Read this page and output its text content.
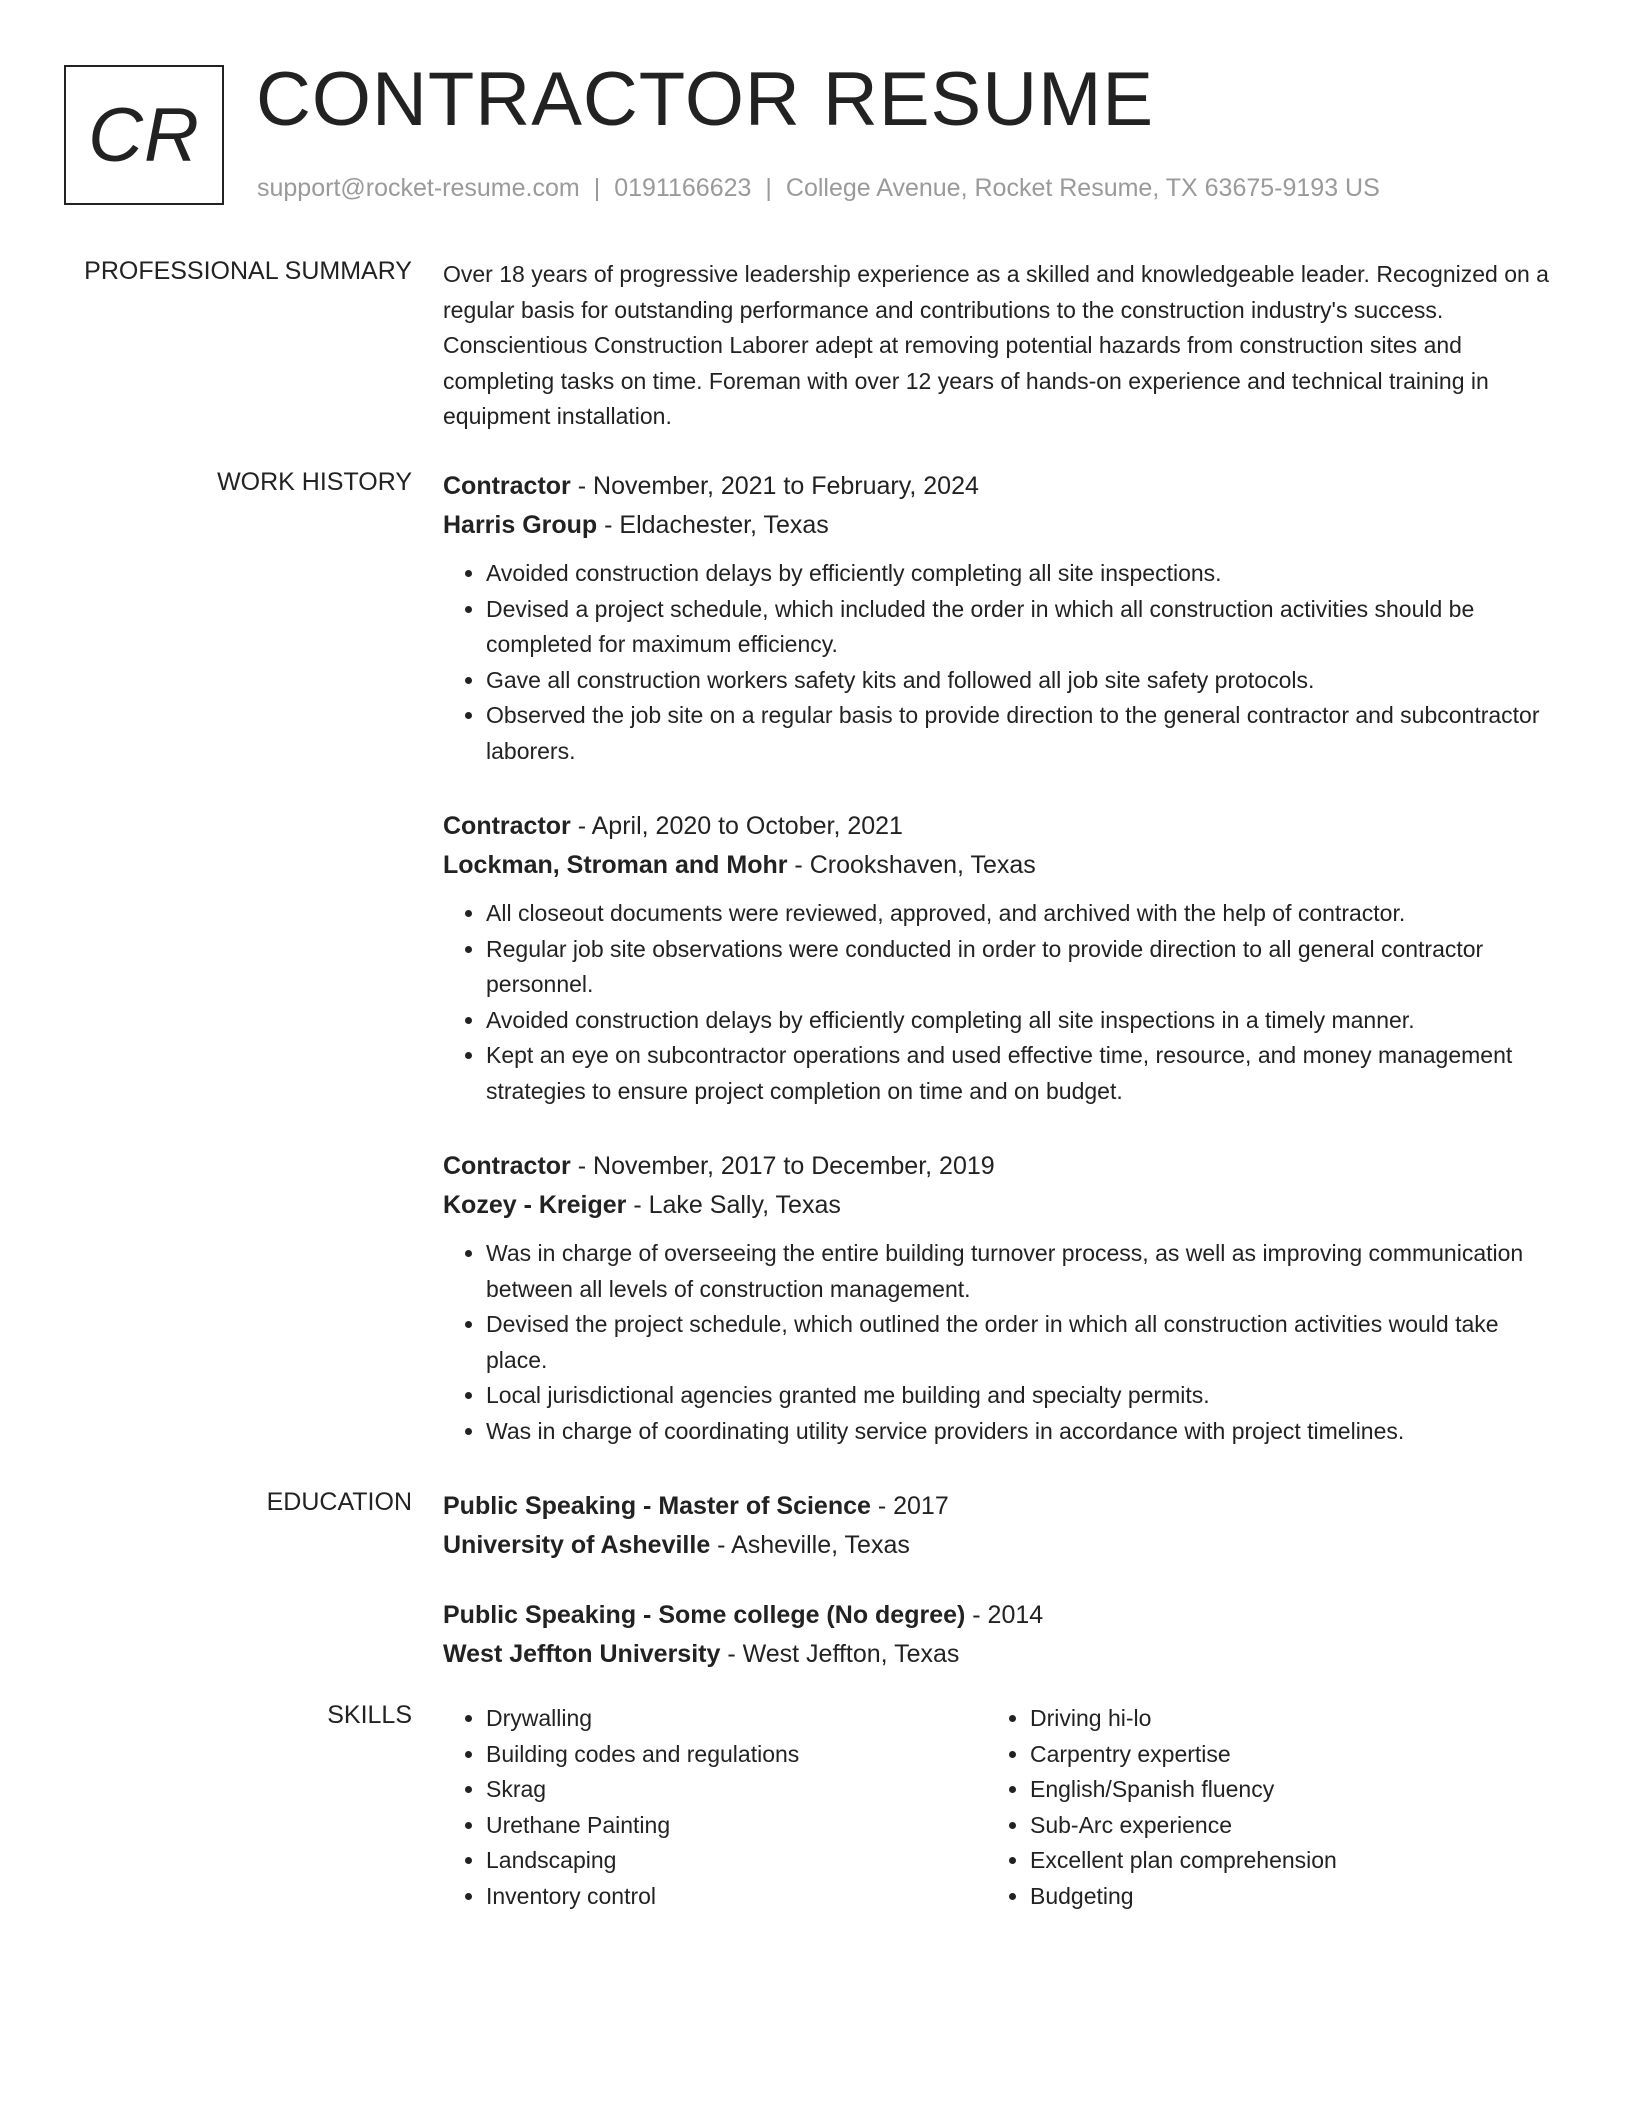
CR CONTRACTOR RESUME
support@rocket-resume.com | 0191166623 | College Avenue, Rocket Resume, TX 63675-9193 US
PROFESSIONAL SUMMARY Over 18 years of progressive leadership experience as a skilled and knowledgeable leader. Recognized on a regular basis for outstanding performance and contributions to the construction industry's success. Conscientious Construction Laborer adept at removing potential hazards from construction sites and completing tasks on time. Foreman with over 12 years of hands-on experience and technical training in equipment installation.

WORK HISTORY Contractor - November, 2021 to February, 2024
Harris Group - Eldachester, Texas
• Avoided construction delays by efficiently completing all site inspections.
• Devised a project schedule, which included the order in which all construction activities should be completed for maximum efficiency.
• Gave all construction workers safety kits and followed all job site safety protocols.
• Observed the job site on a regular basis to provide direction to the general contractor and subcontractor laborers.
Contractor - April, 2020 to October, 2021
Lockman, Stroman and Mohr - Crookshaven, Texas
• All closeout documents were reviewed, approved, and archived with the help of contractor.
• Regular job site observations were conducted in order to provide direction to all general contractor personnel.
• Avoided construction delays by efficiently completing all site inspections in a timely manner.
• Kept an eye on subcontractor operations and used effective time, resource, and money management strategies to ensure project completion on time and on budget.
Contractor - November, 2017 to December, 2019
Kozey - Kreiger - Lake Sally, Texas
• Was in charge of overseeing the entire building turnover process, as well as improving communication between all levels of construction management.
• Devised the project schedule, which outlined the order in which all construction activities would take place.
• Local jurisdictional agencies granted me building and specialty permits.
• Was in charge of coordinating utility service providers in accordance with project timelines.
EDUCATION Public Speaking - Master of Science - 2017
University of Asheville - Asheville, Texas
Public Speaking - Some college (No degree) - 2014
West Jeffton University - West Jeffton, Texas
SKILLS
•	Drywalling
• Building codes and regulations
• Skrag
• Urethane Painting
• Landscaping
• Inventory control
• Driving hi-lo
• Carpentry expertise
• English/Spanish fluency
• Sub-Arc experience
• Excellent plan comprehension
• Budgeting
